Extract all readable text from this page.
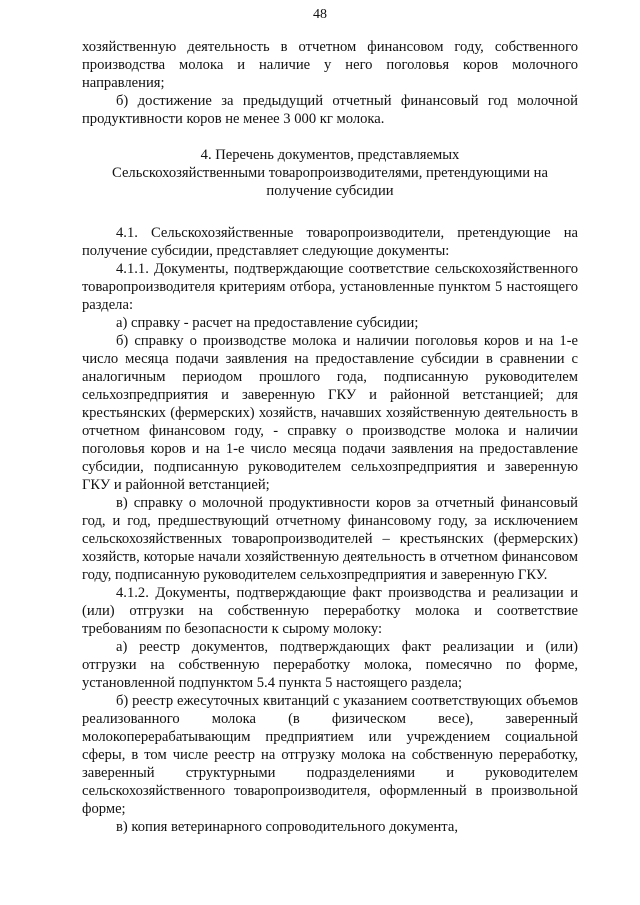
48

хозяйственную деятельность в отчетном финансовом году, собственного производства молока и наличие у него поголовья коров молочного направления;

б) достижение за предыдущий отчетный финансовый год молочной продуктивности коров не менее 3 000 кг молока.

4. Перечень документов, представляемых
Сельскохозяйственными товаропроизводителями, претендующими на
получение субсидии

4.1. Сельскохозяйственные товаропроизводители, претендующие на получение субсидии, представляет следующие документы:

4.1.1. Документы, подтверждающие соответствие сельскохозяйственного товаропроизводителя критериям отбора, установленные пунктом 5 настоящего раздела:

а) справку - расчет на предоставление субсидии;

б) справку о производстве молока и наличии поголовья коров и на 1-е число месяца подачи заявления на предоставление субсидии в сравнении с аналогичным периодом прошлого года, подписанную руководителем сельхозпредприятия и заверенную ГКУ и районной ветстанцией; для крестьянских (фермерских) хозяйств, начавших хозяйственную деятельность в отчетном финансовом году, - справку о производстве молока и наличии поголовья коров и на 1-е число месяца подачи заявления на предоставление субсидии, подписанную руководителем сельхозпредприятия и заверенную ГКУ и районной ветстанцией;

в) справку о молочной продуктивности коров за отчетный финансовый год, и год, предшествующий отчетному финансовому году, за исключением сельскохозяйственных товаропроизводителей – крестьянских (фермерских) хозяйств, которые начали хозяйственную деятельность в отчетном финансовом году, подписанную руководителем сельхозпредприятия и заверенную ГКУ.

4.1.2. Документы, подтверждающие факт производства и реализации и (или) отгрузки на собственную переработку молока и соответствие требованиям по безопасности к сырому молоку:

а) реестр документов, подтверждающих факт реализации и (или) отгрузки на собственную переработку молока, помесячно по форме, установленной подпунктом 5.4 пункта 5 настоящего раздела;

б) реестр ежесуточных квитанций с указанием соответствующих объемов реализованного молока (в физическом весе), заверенный молокоперерабатывающим предприятием или учреждением социальной сферы, в том числе реестр на отгрузку молока на собственную переработку, заверенный структурными подразделениями и руководителем сельскохозяйственного товаропроизводителя, оформленный в произвольной форме;

в) копия ветеринарного сопроводительного документа,
